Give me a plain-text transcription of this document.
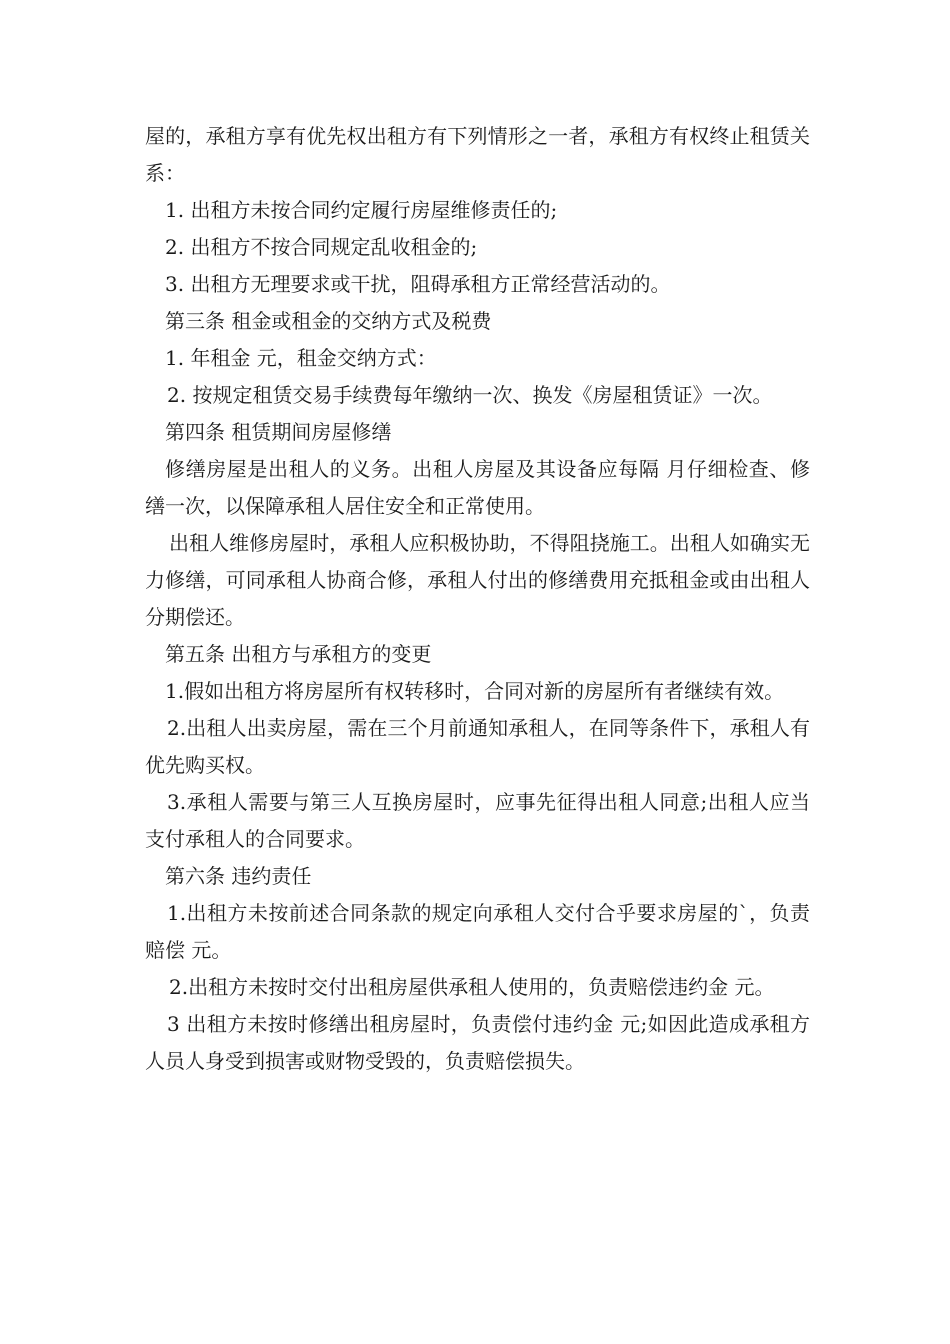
屋的，承租方享有优先权出租方有下列情形之一者，承租方有权终止租赁关系：

1. 出租方未按合同约定履行房屋维修责任的;

2. 出租方不按合同规定乱收租金的;

3. 出租方无理要求或干扰，阻碍承租方正常经营活动的。

第三条 租金或租金的交纳方式及税费

1. 年租金 元，租金交纳方式：

2. 按规定租赁交易手续费每年缴纳一次、换发《房屋租赁证》一次。

第四条 租赁期间房屋修缮

修缮房屋是出租人的义务。出租人房屋及其设备应每隔 月仔细检查、修缮一次，以保障承租人居住安全和正常使用。

出租人维修房屋时，承租人应积极协助，不得阻挠施工。出租人如确实无力修缮，可同承租人协商合修，承租人付出的修缮费用充抵租金或由出租人分期偿还。

第五条 出租方与承租方的变更

1.假如出租方将房屋所有权转移时，合同对新的房屋所有者继续有效。

2.出租人出卖房屋，需在三个月前通知承租人，在同等条件下，承租人有优先购买权。

3.承租人需要与第三人互换房屋时，应事先征得出租人同意;出租人应当支付承租人的合同要求。

第六条 违约责任

1.出租方未按前述合同条款的规定向承租人交付合乎要求房屋的`，负责赔偿 元。

2.出租方未按时交付出租房屋供承租人使用的，负责赔偿违约金 元。

3 出租方未按时修缮出租房屋时，负责偿付违约金 元;如因此造成承租方人员人身受到损害或财物受毁的，负责赔偿损失。
